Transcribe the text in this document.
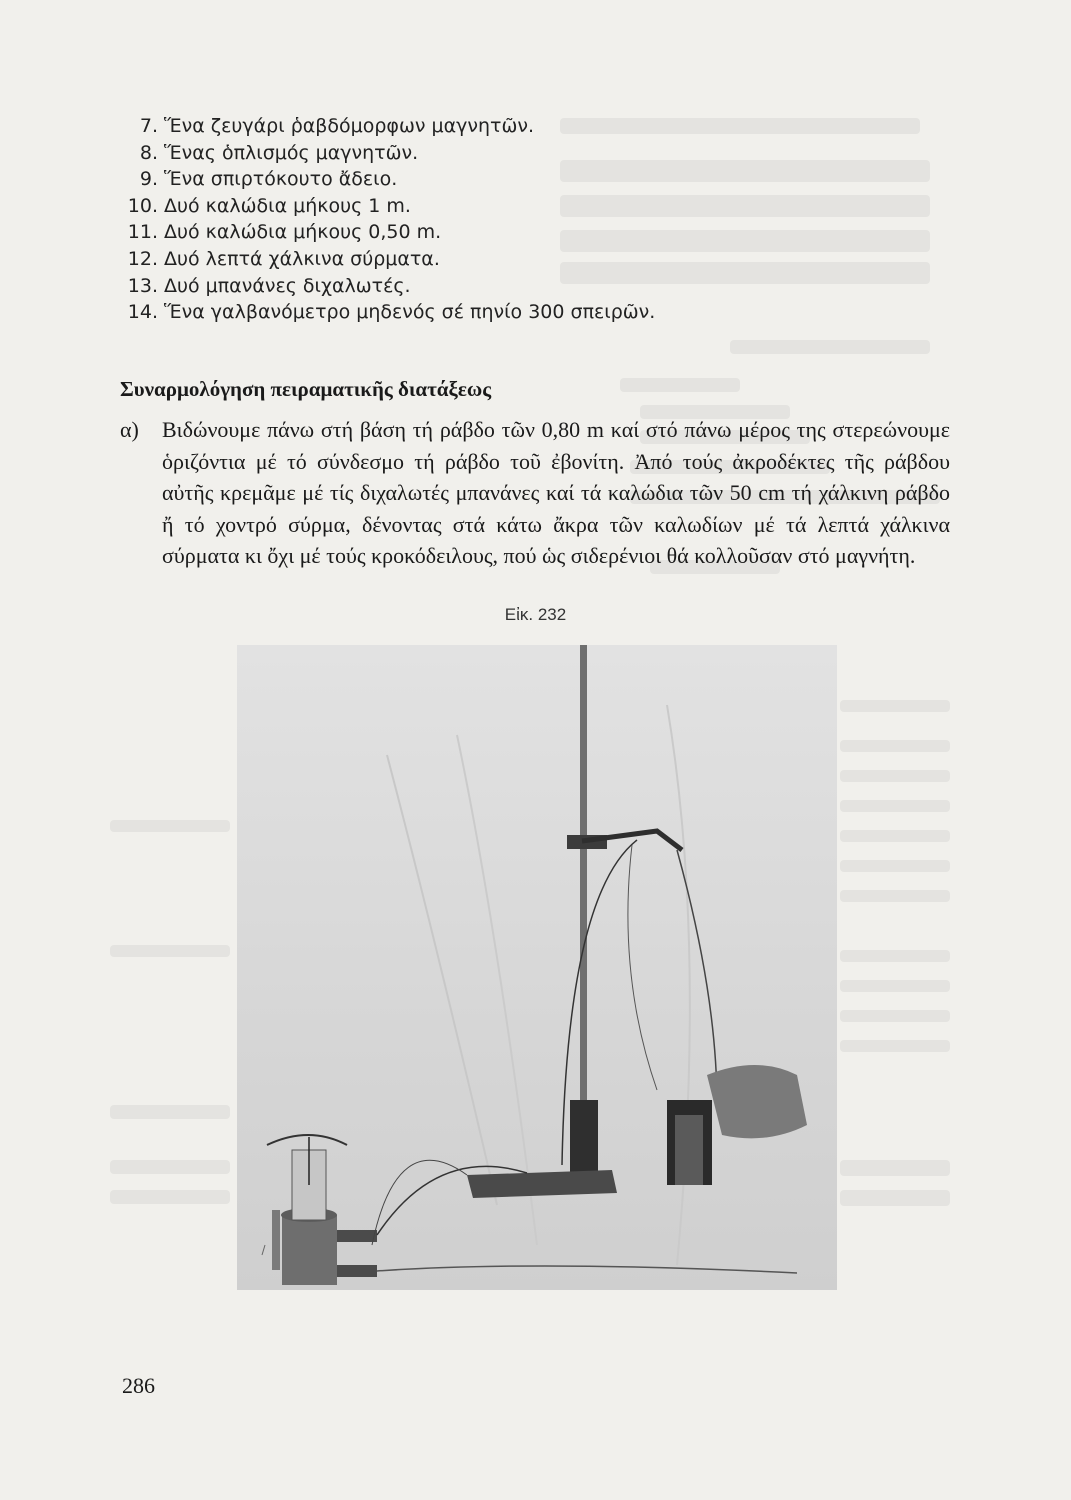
7. Ἕνα ζευγάρι ῥαβδόμορφων μαγνητῶν.
8. Ἕνας ὁπλισμός μαγνητῶν.
9. Ἕνα σπιρτόκουτο ἄδειο.
10. Δυό καλώδια μήκους 1 m.
11. Δυό καλώδια μήκους 0,50 m.
12. Δυό λεπτά χάλκινα σύρματα.
13. Δυό μπανάνες διχαλωτές.
14. Ἕνα γαλβανόμετρο μηδενός σέ πηνίο 300 σπειρῶν.
Συναρμολόγηση πειραματικῆς διατάξεως
α) Βιδώνουμε πάνω στή βάση τή ράβδο τῶν 0,80 m καί στό πάνω μέρος της στερεώνουμε ὁριζόντια μέ τό σύνδεσμο τή ράβδο τοῦ ἐβονίτη. Ἀπό τούς ἀκροδέκτες τῆς ράβδου αὐτῆς κρεμᾶμε μέ τίς διχαλωτές μπανάνες καί τά καλώδια τῶν 50 cm τή χάλκινη ράβδο ἤ τό χοντρό σύρμα, δένοντας στά κάτω ἄκρα τῶν καλωδίων μέ τά λεπτά χάλκινα σύρματα κι ὄχι μέ τούς κροκόδειλους, πού ὡς σιδερένιοι θά κολλοῦσαν στό μαγνήτη.
Εἰκ. 232
286
